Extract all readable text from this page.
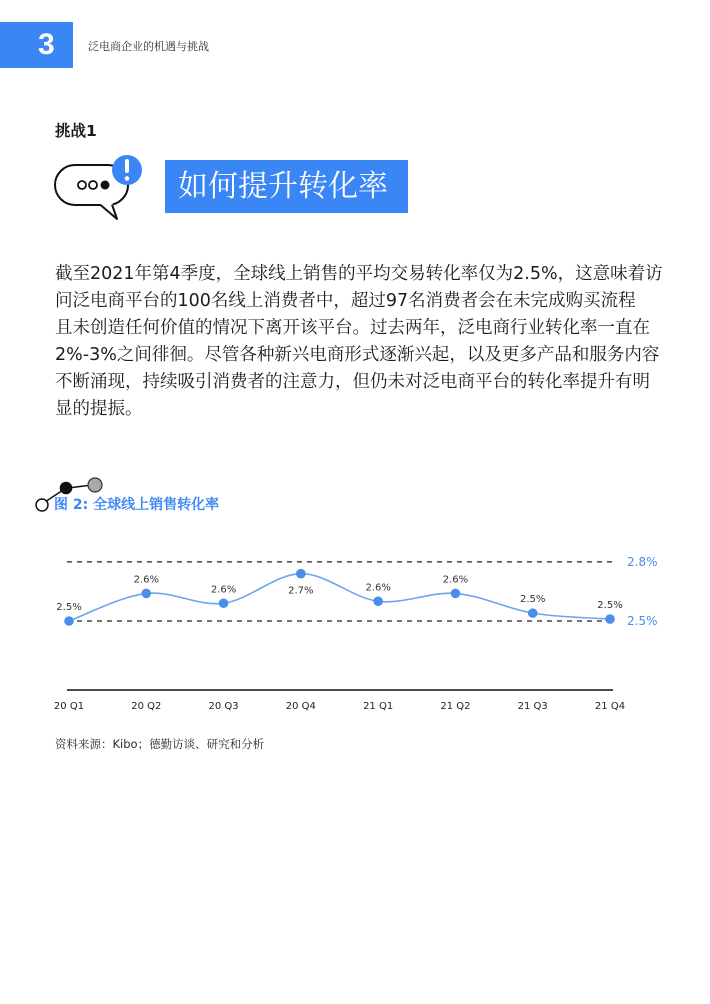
3	泛电商企业的机遇与挑战
挑战1
如何提升转化率
截至2021年第4季度，全球线上销售的平均交易转化率仅为2.5%，这意味着访
问泛电商平台的100名线上消费者中，超过97名消费者会在未完成购买流程
且未创造任何价值的情况下离开该平台。过去两年，泛电商行业转化率一直在
2%-3%之间徘徊。尽管各种新兴电商形式逐渐兴起，以及更多产品和服务内容
不断涌现，持续吸引消费者的注意力，但仍未对泛电商平台的转化率提升有明
显的提振。
图 2: 全球线上销售转化率
2.8%
2.5%
20 Q1	20 Q2	20 Q3	20 Q4	21 Q1	21 Q2	21 Q3	21 Q4
2.5%
2.6%
2.6%	2.7%	2.6%
2.6%
2.5%
2.5%
资料来源：Kibo；德勤访谈、研究和分析
